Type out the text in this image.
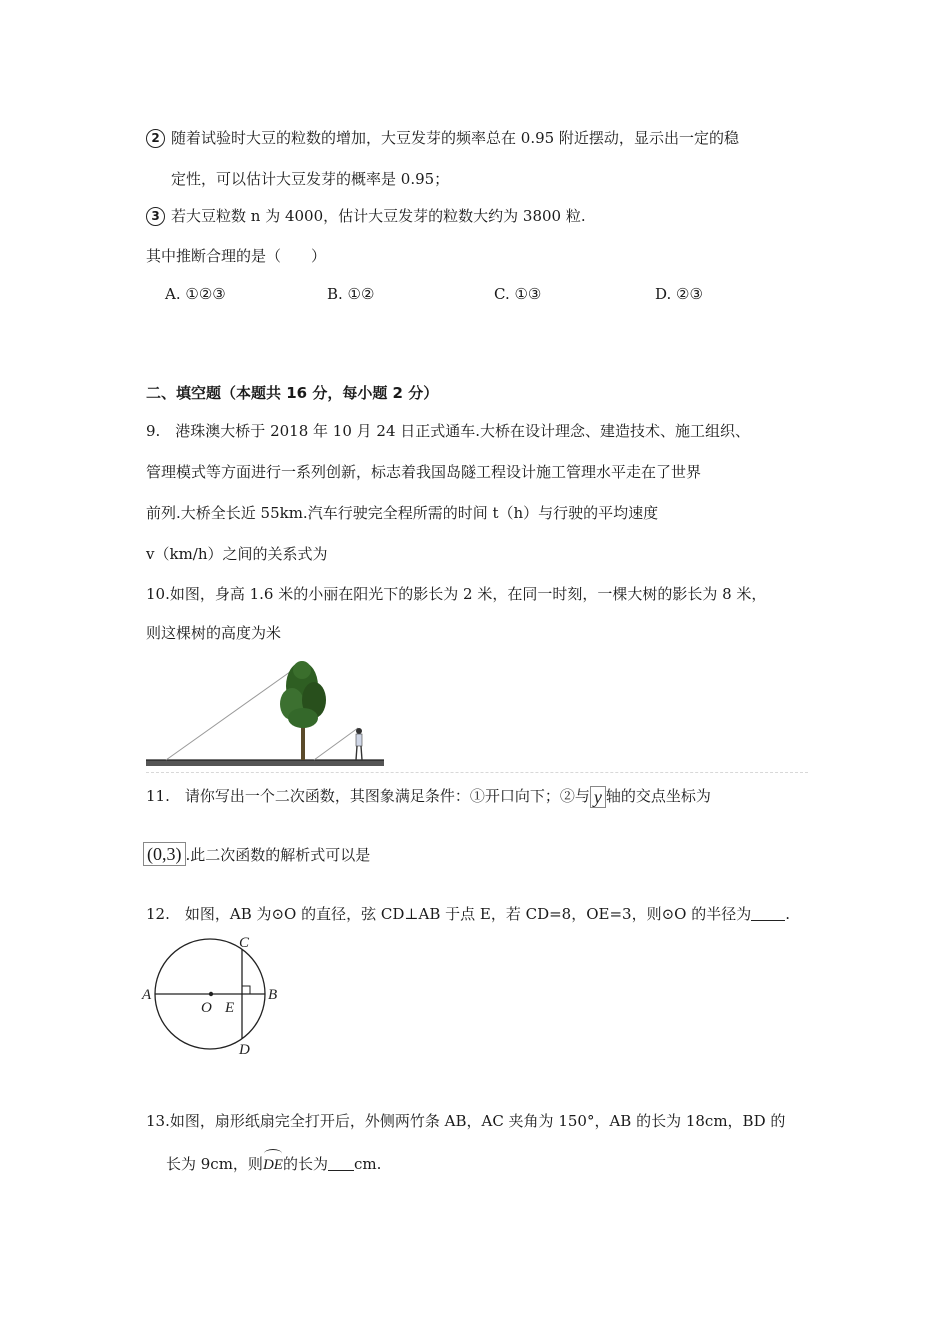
2 随着试验时大豆的粒数的增加，大豆发芽的频率总在 0.95 附近摆动，显示出一定的稳
定性，可以估计大豆发芽的概率是 0.95；
3 若大豆粒数 n 为 4000，估计大豆发芽的粒数大约为 3800 粒.
其中推断合理的是（　　）
A. ①②③	B. ①②	C. ①③	D. ②③
二、填空题（本题共 16 分，每小题 2 分）
9.　港珠澳大桥于 2018 年 10 月 24 日正式通车.大桥在设计理念、建造技术、施工组织、
管理模式等方面进行一系列创新，标志着我国岛隧工程设计施工管理水平走在了世界
前列.大桥全长近 55km.汽车行驶完全程所需的时间 t（h）与行驶的平均速度
v（km/h）之间的关系式为
10.如图，身高 1.6 米的小丽在阳光下的影长为 2 米，在同一时刻，一棵大树的影长为 8 米，
则这棵树的高度为米
11.　请你写出一个二次函数，其图象满足条件：①开口向下；②与 y 轴的交点坐标为
(0,3) .此二次函数的解析式可以是
12.　如图，AB 为⊙O 的直径，弦 CD⊥AB 于点 E，若 CD=8，OE=3，则⊙O 的半径为 .
A	B
C
D
O E
13.如图，扇形纸扇完全打开后，外侧两竹条 AB，AC 夹角为 150°，AB 的长为 18cm，BD 的
长为 9cm，则DE的长为 cm.
